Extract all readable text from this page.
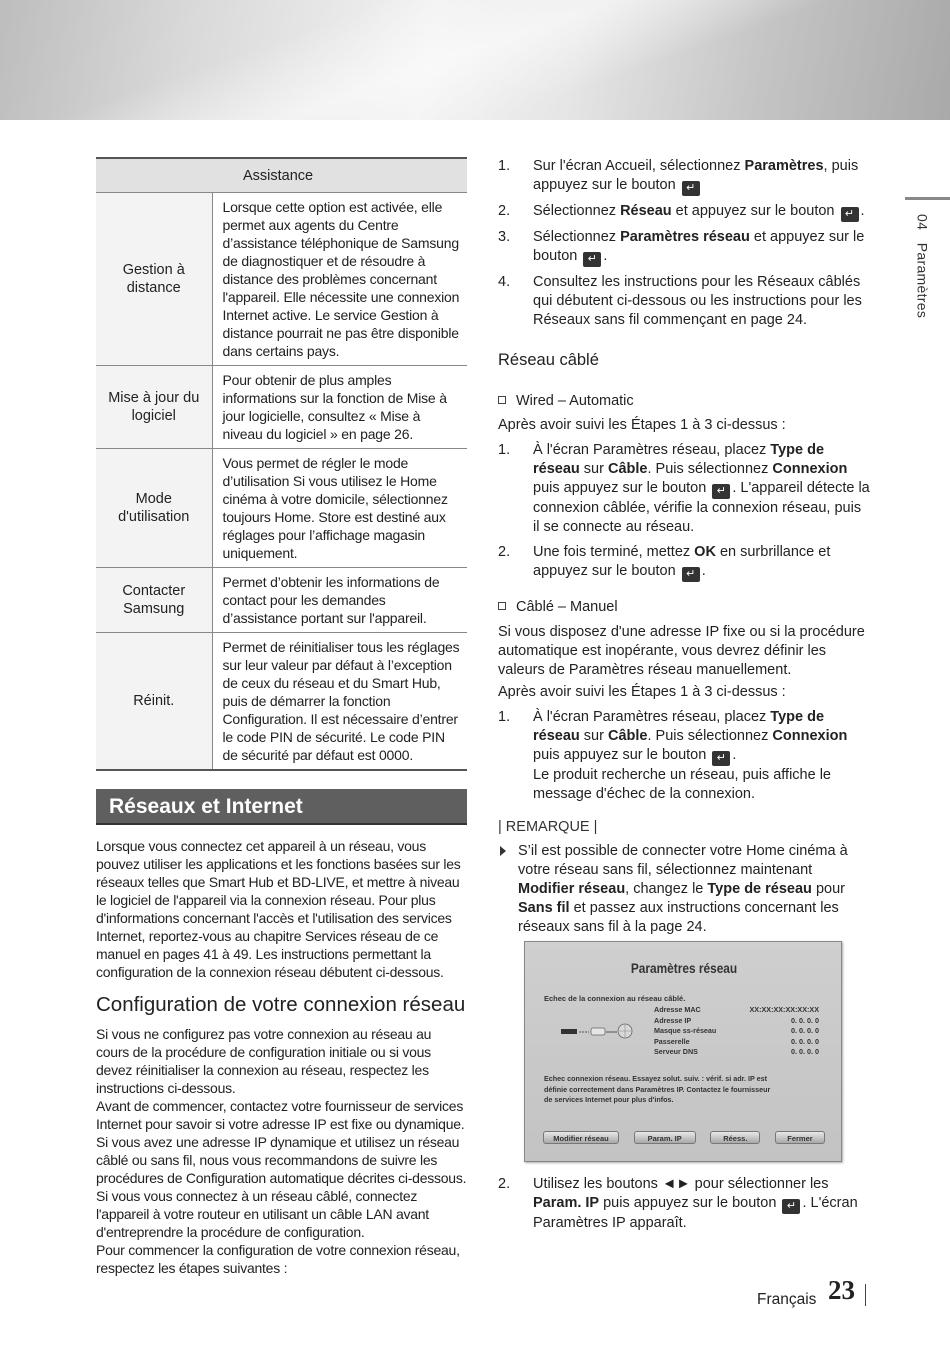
Assistance	
Gestion à distance	Lorsque cette option est activée, elle permet aux agents du Centre d’assistance téléphonique de Samsung de diagnostiquer et de résoudre à distance des problèmes concernant l'appareil. Elle nécessite une connexion Internet active. Le service Gestion à distance pourrait ne pas être disponible dans certains pays.
Mise à jour du logiciel	Pour obtenir de plus amples informations sur la fonction de Mise à jour logicielle, consultez « Mise à niveau du logiciel » en page 26.
Mode d'utilisation	Vous permet de régler le mode d’utilisation Si vous utilisez le Home cinéma à votre domicile, sélectionnez toujours Home. Store est destiné aux réglages pour l’affichage magasin uniquement.
Contacter Samsung	Permet d’obtenir les informations de contact pour les demandes d’assistance portant sur l'appareil.
Réinit.	Permet de réinitialiser tous les réglages sur leur valeur par défaut à l’exception de ceux du réseau et du Smart Hub, puis de démarrer la fonction Configuration. Il est nécessaire d’entrer le code PIN de sécurité. Le code PIN de sécurité par défaut est 0000.
Réseaux et Internet

Lorsque vous connectez cet appareil à un réseau, vous pouvez utiliser les applications et les fonctions basées sur les réseaux telles que Smart Hub et BD-LIVE, et mettre à niveau le logiciel de l'appareil via la connexion réseau. Pour plus d'informations concernant l'accès et l'utilisation des services Internet, reportez-vous au chapitre Services réseau de ce manuel en pages 41 à 49. Les instructions permettant la configuration de la connexion réseau débutent ci-dessous.

Configuration de votre connexion réseau

Si vous ne configurez pas votre connexion au réseau au cours de la procédure de configuration initiale ou si vous devez réinitialiser la connexion au réseau, respectez les instructions ci-dessous.

Avant de commencer, contactez votre fournisseur de services Internet pour savoir si votre adresse IP est fixe ou dynamique. Si vous avez une adresse IP dynamique et utilisez un réseau câblé ou sans fil, nous vous recommandons de suivre les procédures de Configuration automatique décrites ci-dessous.

Si vous vous connectez à un réseau câblé, connectez l'appareil à votre routeur en utilisant un câble LAN avant d'entreprendre la procédure de configuration.

Pour commencer la configuration de votre connexion réseau, respectez les étapes suivantes :

1. Sur l'écran Accueil, sélectionnez Paramètres, puis appuyez sur le bouton ↵
2. Sélectionnez Réseau et appuyez sur le bouton ↵ .
3. Sélectionnez Paramètres réseau et appuyez sur le bouton ↵ .
4. Consultez les instructions pour les Réseaux câblés qui débutent ci-dessous ou les instructions pour les Réseaux sans fil commençant en page 24.
Réseau câblé
Wired – Automatic

Après avoir suivi les Étapes 1 à 3 ci-dessus :

1. À l'écran Paramètres réseau, placez Type de réseau sur Câble. Puis sélectionnez Connexion puis appuyez sur le bouton ↵ . L'appareil détecte la connexion câblée, vérifie la connexion réseau, puis il se connecte au réseau.
2. Une fois terminé, mettez OK en surbrillance et appuyez sur le bouton ↵ .
Câblé – Manuel

Si vous disposez d'une adresse IP fixe ou si la procédure automatique est inopérante, vous devrez définir les valeurs de Paramètres réseau manuellement.

Après avoir suivi les Étapes 1 à 3 ci-dessus :

1. À l'écran Paramètres réseau, placez Type de réseau sur Câble. Puis sélectionnez Connexion puis appuyez sur le bouton ↵ .
Le produit recherche un réseau, puis affiche le message d'échec de la connexion.
| REMARQUE |
S’il est possible de connecter votre Home cinéma à votre réseau sans fil, sélectionnez maintenant Modifier réseau, changez le Type de réseau pour Sans fil et passez aux instructions concernant les réseaux sans fil à la page 24.
2. Utilisez les boutons ◄► pour sélectionner les Param. IP puis appuyez sur le bouton ↵ . L'écran Paramètres IP apparaît.
Paramètres réseau
Echec de la connexion au réseau câblé.
Adresse MAC	XX:XX:XX:XX:XX:XX
Adresse IP	0. 0. 0. 0
Masque ss-réseau	0. 0. 0. 0
Passerelle	0. 0. 0. 0
Serveur DNS	0. 0. 0. 0
Echec connexion réseau. Essayez solut. suiv. : vérif. si adr. IP est définie correctement dans Paramètres IP. Contactez le fournisseur de services Internet pour plus d'infos.
Modifier réseau	Param. IP	Réess.	Fermer
04   Paramètres
Français 23
